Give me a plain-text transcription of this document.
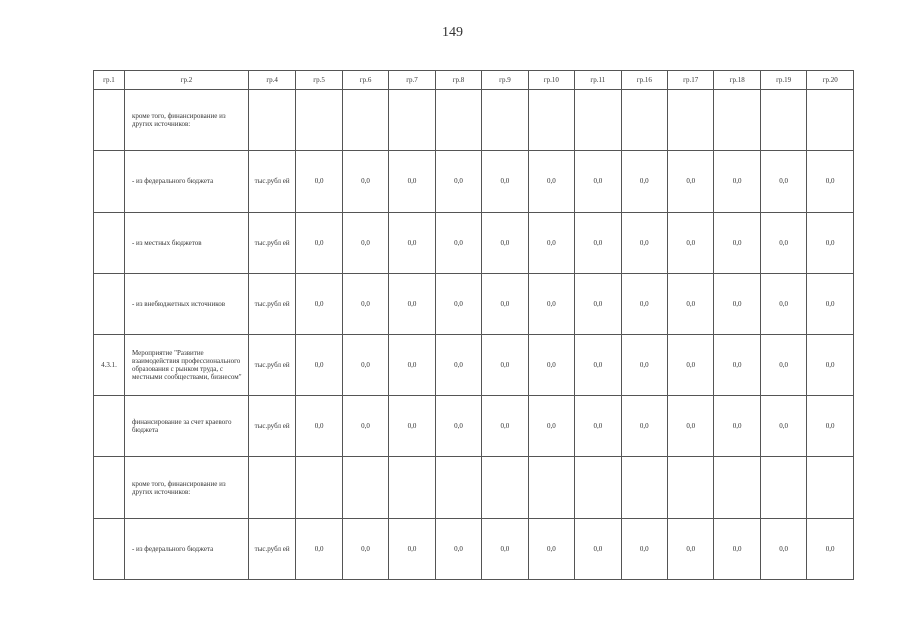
149
гр.1	гр.2	гр.4	гр.5	гр.6	гр.7	гр.8	гр.9	гр.10	гр.11	гр.16	гр.17	гр.18	гр.19	гр.20
	кроме того, финансирование из других источников:													
	- из федерального бюджета	тыс.рубл ей	0,0	0,0	0,0	0,0	0,0	0,0	0,0	0,0	0,0	0,0	0,0	0,0
	- из местных бюджетов	тыс.рубл ей	0,0	0,0	0,0	0,0	0,0	0,0	0,0	0,0	0,0	0,0	0,0	0,0
	- из внебюджетных источников	тыс.рубл ей	0,0	0,0	0,0	0,0	0,0	0,0	0,0	0,0	0,0	0,0	0,0	0,0
4.3.1.	Мероприятие "Развитие взаимодействия профессионального образования с рынком труда, с местными сообществами, бизнесом"	тыс.рубл ей	0,0	0,0	0,0	0,0	0,0	0,0	0,0	0,0	0,0	0,0	0,0	0,0
	финансирование за счет краевого бюджета	тыс.рубл ей	0,0	0,0	0,0	0,0	0,0	0,0	0,0	0,0	0,0	0,0	0,0	0,0
	кроме того, финансирование из других источников:													
	- из федерального бюджета	тыс.рубл ей	0,0	0,0	0,0	0,0	0,0	0,0	0,0	0,0	0,0	0,0	0,0	0,0
